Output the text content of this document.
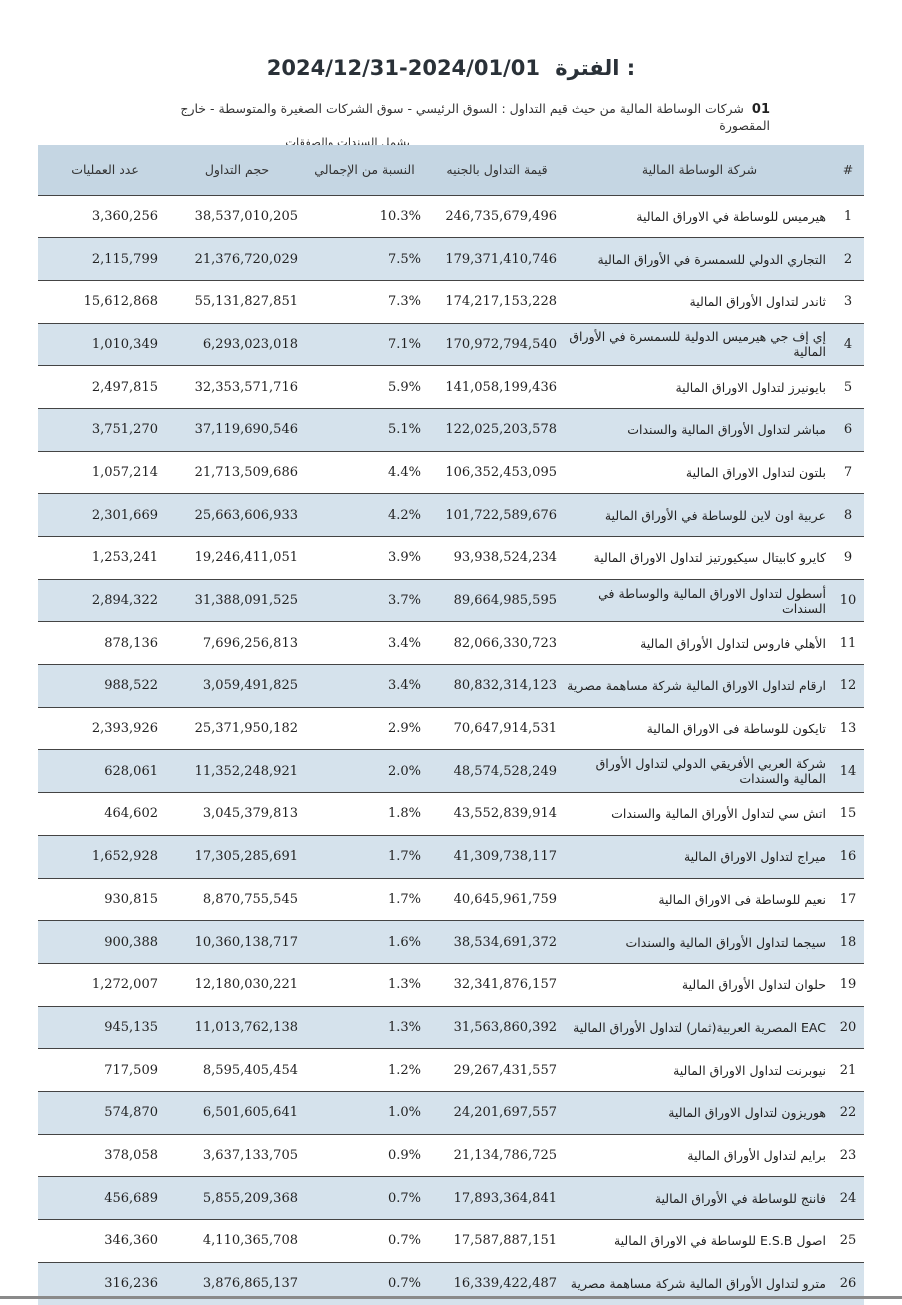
2024/12/31-2024/01/01 الفترة :
01 شركات الوساطة المالية من حيث قيم التداول : السوق الرئيسي - سوق الشركات الصغيرة والمتوسطة - خارج المقصورة
يشمل السندات والصفقات
#	شركة الوساطة المالية	قيمة التداول بالجنيه	النسبة من الإجمالي	حجم التداول	عدد العمليات
1	هيرميس للوساطة في الاوراق المالية	246,735,679,496	10.3%	38,537,010,205	3,360,256
2	التجاري الدولي للسمسرة في الأوراق المالية	179,371,410,746	7.5%	21,376,720,029	2,115,799
3	ثاندر لتداول الأوراق المالية	174,217,153,228	7.3%	55,131,827,851	15,612,868
4	إي إف جي هيرميس الدولية للسمسرة في الأوراق المالية	170,972,794,540	7.1%	6,293,023,018	1,010,349
5	بايونيرز لتداول الاوراق المالية	141,058,199,436	5.9%	32,353,571,716	2,497,815
6	مباشر لتداول الأوراق المالية والسندات	122,025,203,578	5.1%	37,119,690,546	3,751,270
7	بلتون لتداول الاوراق المالية	106,352,453,095	4.4%	21,713,509,686	1,057,214
8	عربية اون لاين للوساطة في الأوراق المالية	101,722,589,676	4.2%	25,663,606,933	2,301,669
9	كايرو كابيتال سيكيورتيز لتداول الاوراق المالية	93,938,524,234	3.9%	19,246,411,051	1,253,241
10	أسطول لتداول الاوراق المالية والوساطة في السندات	89,664,985,595	3.7%	31,388,091,525	2,894,322
11	الأهلي فاروس لتداول الأوراق المالية	82,066,330,723	3.4%	7,696,256,813	878,136
12	ارقام لتداول الاوراق المالية شركة مساهمة مصرية	80,832,314,123	3.4%	3,059,491,825	988,522
13	تايكون للوساطة فى الاوراق المالية	70,647,914,531	2.9%	25,371,950,182	2,393,926
14	شركة العربي الأفريقي الدولي لتداول الأوراق المالية والسندات	48,574,528,249	2.0%	11,352,248,921	628,061
15	اتش سي لتداول الأوراق المالية والسندات	43,552,839,914	1.8%	3,045,379,813	464,602
16	ميراج لتداول الاوراق المالية	41,309,738,117	1.7%	17,305,285,691	1,652,928
17	نعيم للوساطة فى الاوراق المالية	40,645,961,759	1.7%	8,870,755,545	930,815
18	سيجما لتداول الأوراق المالية والسندات	38,534,691,372	1.6%	10,360,138,717	900,388
19	حلوان لتداول الأوراق المالية	32,341,876,157	1.3%	12,180,030,221	1,272,007
20	EAC المصرية العربية(ثمار) لتداول الأوراق المالية	31,563,860,392	1.3%	11,013,762,138	945,135
21	نيوبرنت لتداول الاوراق المالية	29,267,431,557	1.2%	8,595,405,454	717,509
22	هوريزون لتداول الاوراق المالية	24,201,697,557	1.0%	6,501,605,641	574,870
23	برايم لتداول الأوراق المالية	21,134,786,725	0.9%	3,637,133,705	378,058
24	فاننج للوساطة في الأوراق المالية	17,893,364,841	0.7%	5,855,209,368	456,689
25	اصول E.S.B للوساطة في الاوراق المالية	17,587,887,151	0.7%	4,110,365,708	346,360
26	مترو لتداول الأوراق المالية شركة مساهمة مصرية	16,339,422,487	0.7%	3,876,865,137	316,236
